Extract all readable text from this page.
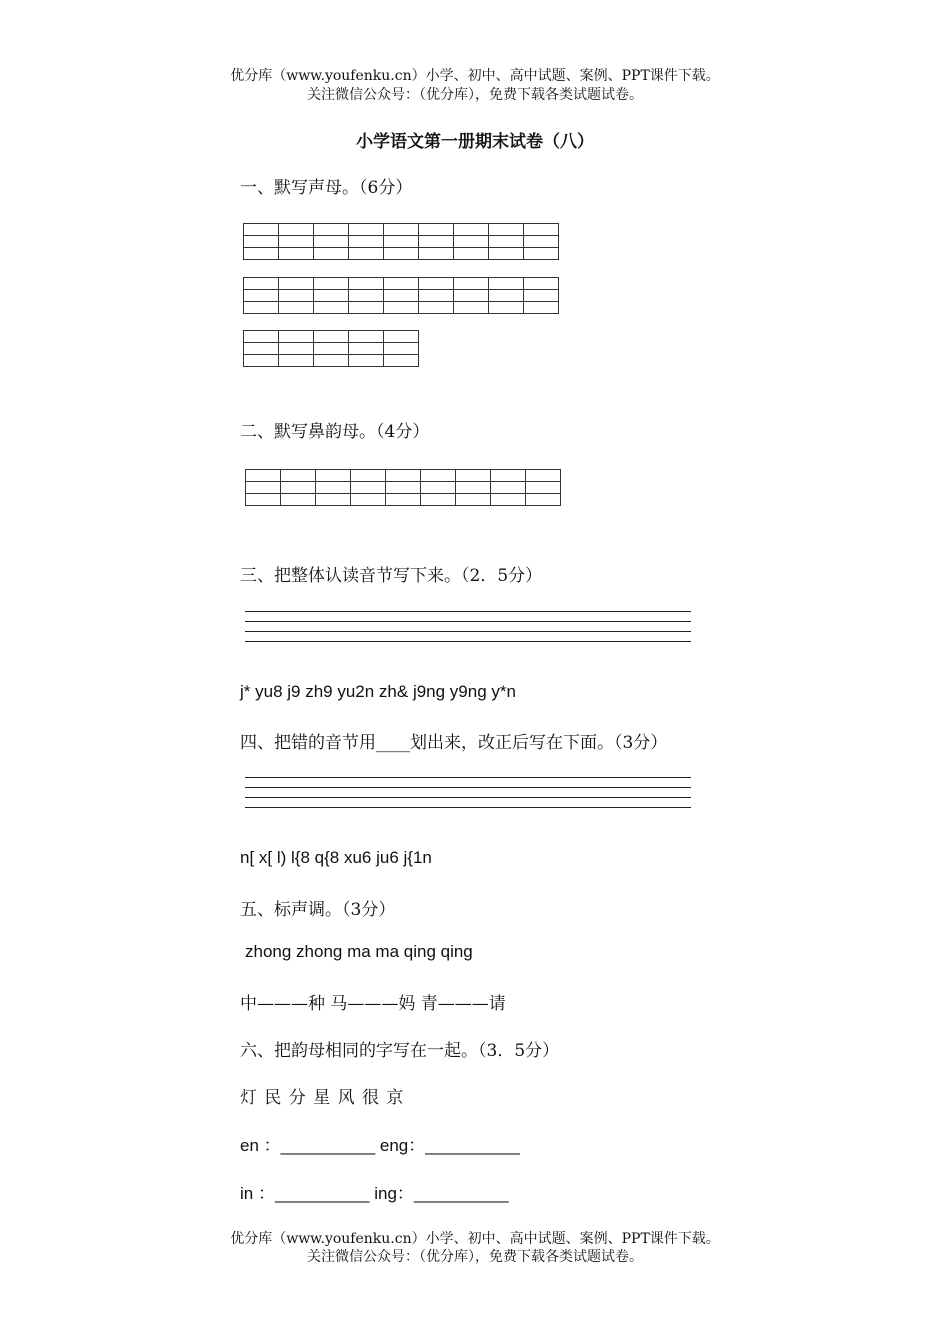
优分库（www.youfenku.cn）小学、初中、高中试题、案例、PPT课件下载。
关注微信公众号：（优分库），免费下载各类试题试卷。
小学语文第一册期末试卷（八）
一、默写声母。（6分）

二、默写鼻韵母。（4分）

三、把整体认读音节写下来。（2．5分）
j* yu8 j9 zh9 yu2n zh& j9ng y9ng y*n
四、把错的音节用____划出来，改正后写在下面。（3分）
n[ x[ l) l{8 q{8 xu6 ju6 j{1n
五、标声调。（3分）
zhong zhong ma ma qing qing
中———种 马———妈 青———请
六、把韵母相同的字写在一起。（3．5分）
灯 民 分 星 风 很 京
en ：__________ eng：__________
in ：__________ ing：__________
优分库（www.youfenku.cn）小学、初中、高中试题、案例、PPT课件下载。
关注微信公众号：（优分库），免费下载各类试题试卷。
